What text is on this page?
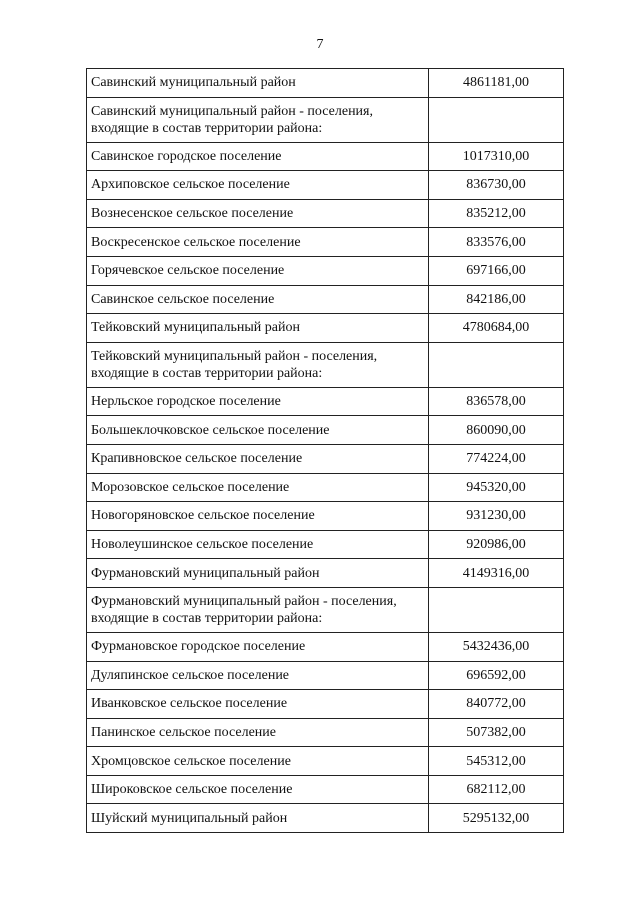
7
Савинский муниципальный район	4861181,00
Савинский муниципальный район - поселения, входящие в состав территории района:	
Савинское городское поселение	1017310,00
Архиповское сельское поселение	836730,00
Вознесенское сельское поселение	835212,00
Воскресенское сельское поселение	833576,00
Горячевское сельское поселение	697166,00
Савинское сельское поселение	842186,00
Тейковский муниципальный район	4780684,00
Тейковский муниципальный район - поселения, входящие в состав территории района:	
Нерльское городское поселение	836578,00
Большеклочковское сельское поселение	860090,00
Крапивновское сельское поселение	774224,00
Морозовское сельское поселение	945320,00
Новогоряновское сельское поселение	931230,00
Новолеушинское сельское поселение	920986,00
Фурмановский муниципальный район	4149316,00
Фурмановский муниципальный район - поселения, входящие в состав территории района:	
Фурмановское городское поселение	5432436,00
Дуляпинское сельское поселение	696592,00
Иванковское сельское поселение	840772,00
Панинское сельское поселение	507382,00
Хромцовское сельское поселение	545312,00
Широковское сельское поселение	682112,00
Шуйский муниципальный район	5295132,00
